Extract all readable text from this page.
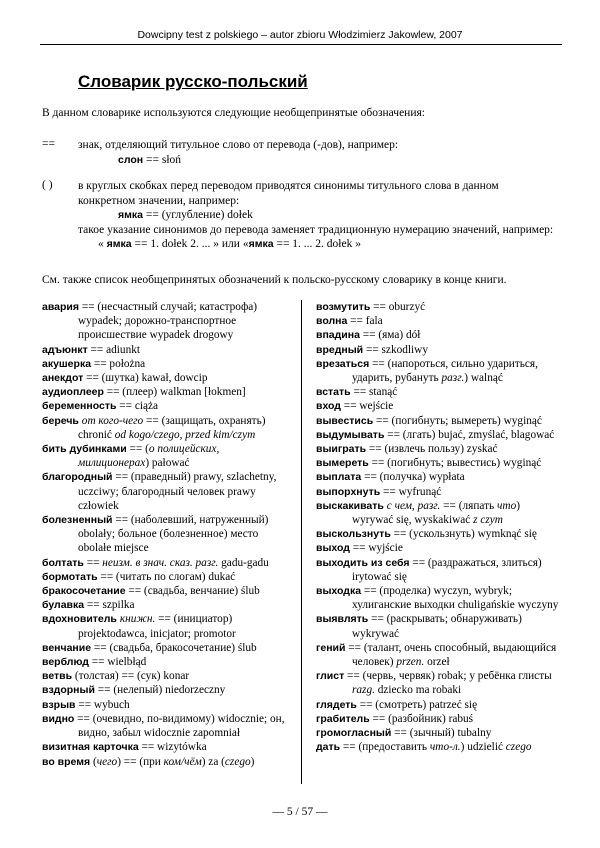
Dowcipny test z polskiego – autor zbioru Włodzimierz Jakowlew, 2007
Словарик русско-польский
В данном словарике используются следующие необщепринятые обозначения:
== знак, отделяющий титульное слово от перевода (-дов), например:
слон == słoń
( ) в круглых скобках перед переводом приводятся синонимы титульного слова в данном конкретном значении, например:
ямка == (углубление) dołek
такое указание синонимов до перевода заменяет традиционную нумерацию значений, например:
« ямка == 1. dołek 2. ... » или «ямка == 1. ... 2. dołek »
См. также список необщепринятых обозначений к польско-русскому словарику в конце книги.

авария == (несчастный случай; катастрофа) wypadek; дорожно-транспортное происшествие wypadek drogowy

адъюнкт == adiunkt

акушерка == położna

анекдот == (шутка) kawał, dowcip

аудиоплеер == (плеер) walkman [łokmen]

беременность == ciąża

беречь от кого-чего == (защищать, охранять) chronić od kogo/czego, przed kim/czym

бить дубинками == (о полицейских, милиционерах) pałować

благородный == (праведный) prawy, szlachetny, uczciwy; благородный человек prawy człowiek

болезненный == (наболевший, натруженный) obolały; больное (болезненное) место obolałe miejsce

болтать == неизм. в знач. сказ. разг. gadu-gadu

бормотать == (читать по слогам) dukać

бракосочетание == (свадьба, венчание) ślub

булавка == szpilka

вдохновитель книжн. == (инициатор) projektodawca, inicjator; promotor

венчание == (свадьба, бракосочетание) ślub

верблюд == wielbłąd

ветвь (толстая) == (сук) konar

вздорный == (нелепый) niedorzeczny

взрыв == wybuch

видно == (очевидно, по-видимому) widocznie; он, видно, забыл widocznie zapomniał

визитная карточка == wizytówka

во время (чего) == (при ком/чём) za (czego)

возмутить == oburzyć

волна == fala

впадина == (яма) dół

вредный == szkodliwy

врезаться == (напороться, сильно удариться, ударить, рубануть разг.) walnąć

встать == stanąć

вход == wejście

вывестись == (погибнуть; вымереть) wyginąć

выдумывать == (лгать) bujać, zmyślać, blagować

выиграть == (извлечь пользу) zyskać

вымереть == (погибнуть; вывестись) wyginąć

выплата == (получка) wypłata

выпорхнуть == wyfrunąć

выскакивать с чем, разг. == (ляпать что) wyrywać się, wyskakiwać z czym

выскользнуть == (ускользнуть) wymknąć się

выход == wyjście

выходить из себя == (раздражаться, злиться) irytować się

выходка == (проделка) wyczyn, wybryk; хулиганские выходки chuligańskie wyczyny

выявлять == (раскрывать; обнаруживать) wykrywać

гений == (талант, очень способный, выдающийся человек) przen. orzeł

глист == (червь, червяк) robak; у ребёнка глисты razg. dziecko ma robaki

глядеть == (смотреть) patrzeć się

грабитель == (разбойник) rabuś

громогласный == (зычный) tubalny

дать == (предоставить что-л.) udzielić czego

— 5 / 57 —
